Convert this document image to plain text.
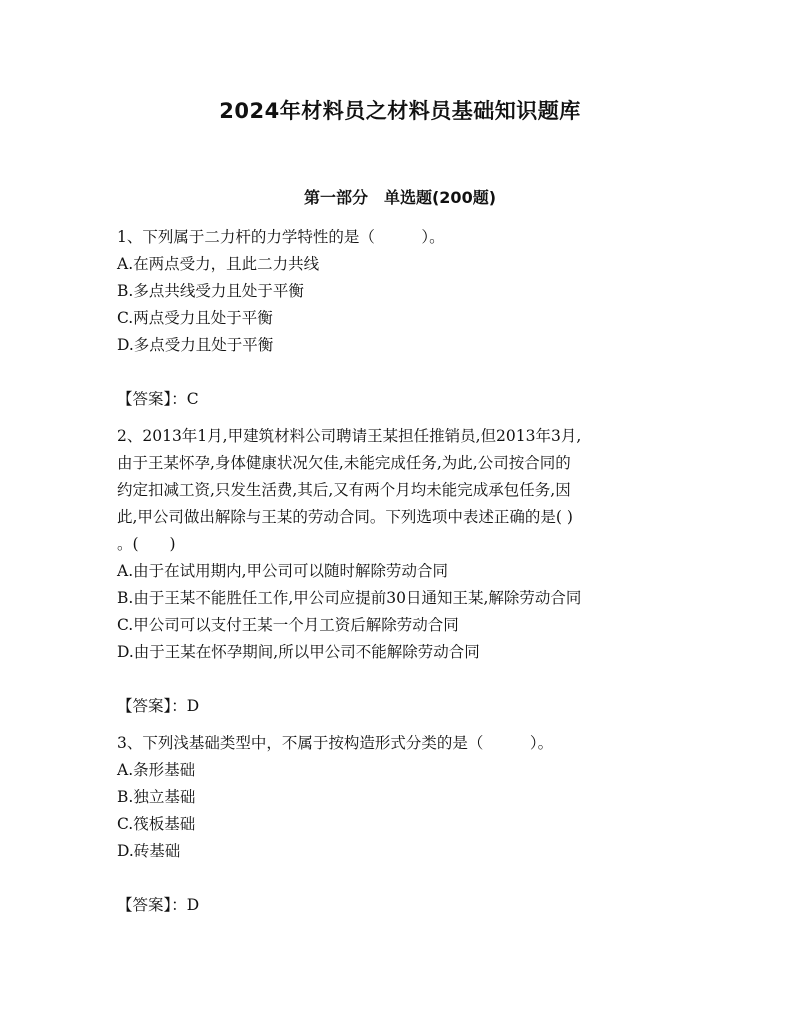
2024年材料员之材料员基础知识题库
第一部分　单选题(200题)
1、下列属于二力杆的力学特性的是（　　　）。
A.在两点受力，且此二力共线
B.多点共线受力且处于平衡
C.两点受力且处于平衡
D.多点受力且处于平衡
【答案】：C
2、2013年1月,甲建筑材料公司聘请王某担任推销员,但2013年3月,
由于王某怀孕,身体健康状况欠佳,未能完成任务,为此,公司按合同的
约定扣减工资,只发生活费,其后,又有两个月均未能完成承包任务,因
此,甲公司做出解除与王某的劳动合同。下列选项中表述正确的是( )
。(　　)
A.由于在试用期内,甲公司可以随时解除劳动合同
B.由于王某不能胜任工作,甲公司应提前30日通知王某,解除劳动合同
C.甲公司可以支付王某一个月工资后解除劳动合同
D.由于王某在怀孕期间,所以甲公司不能解除劳动合同
【答案】：D
3、下列浅基础类型中，不属于按构造形式分类的是（　　　）。
A.条形基础
B.独立基础
C.筏板基础
D.砖基础
【答案】：D
